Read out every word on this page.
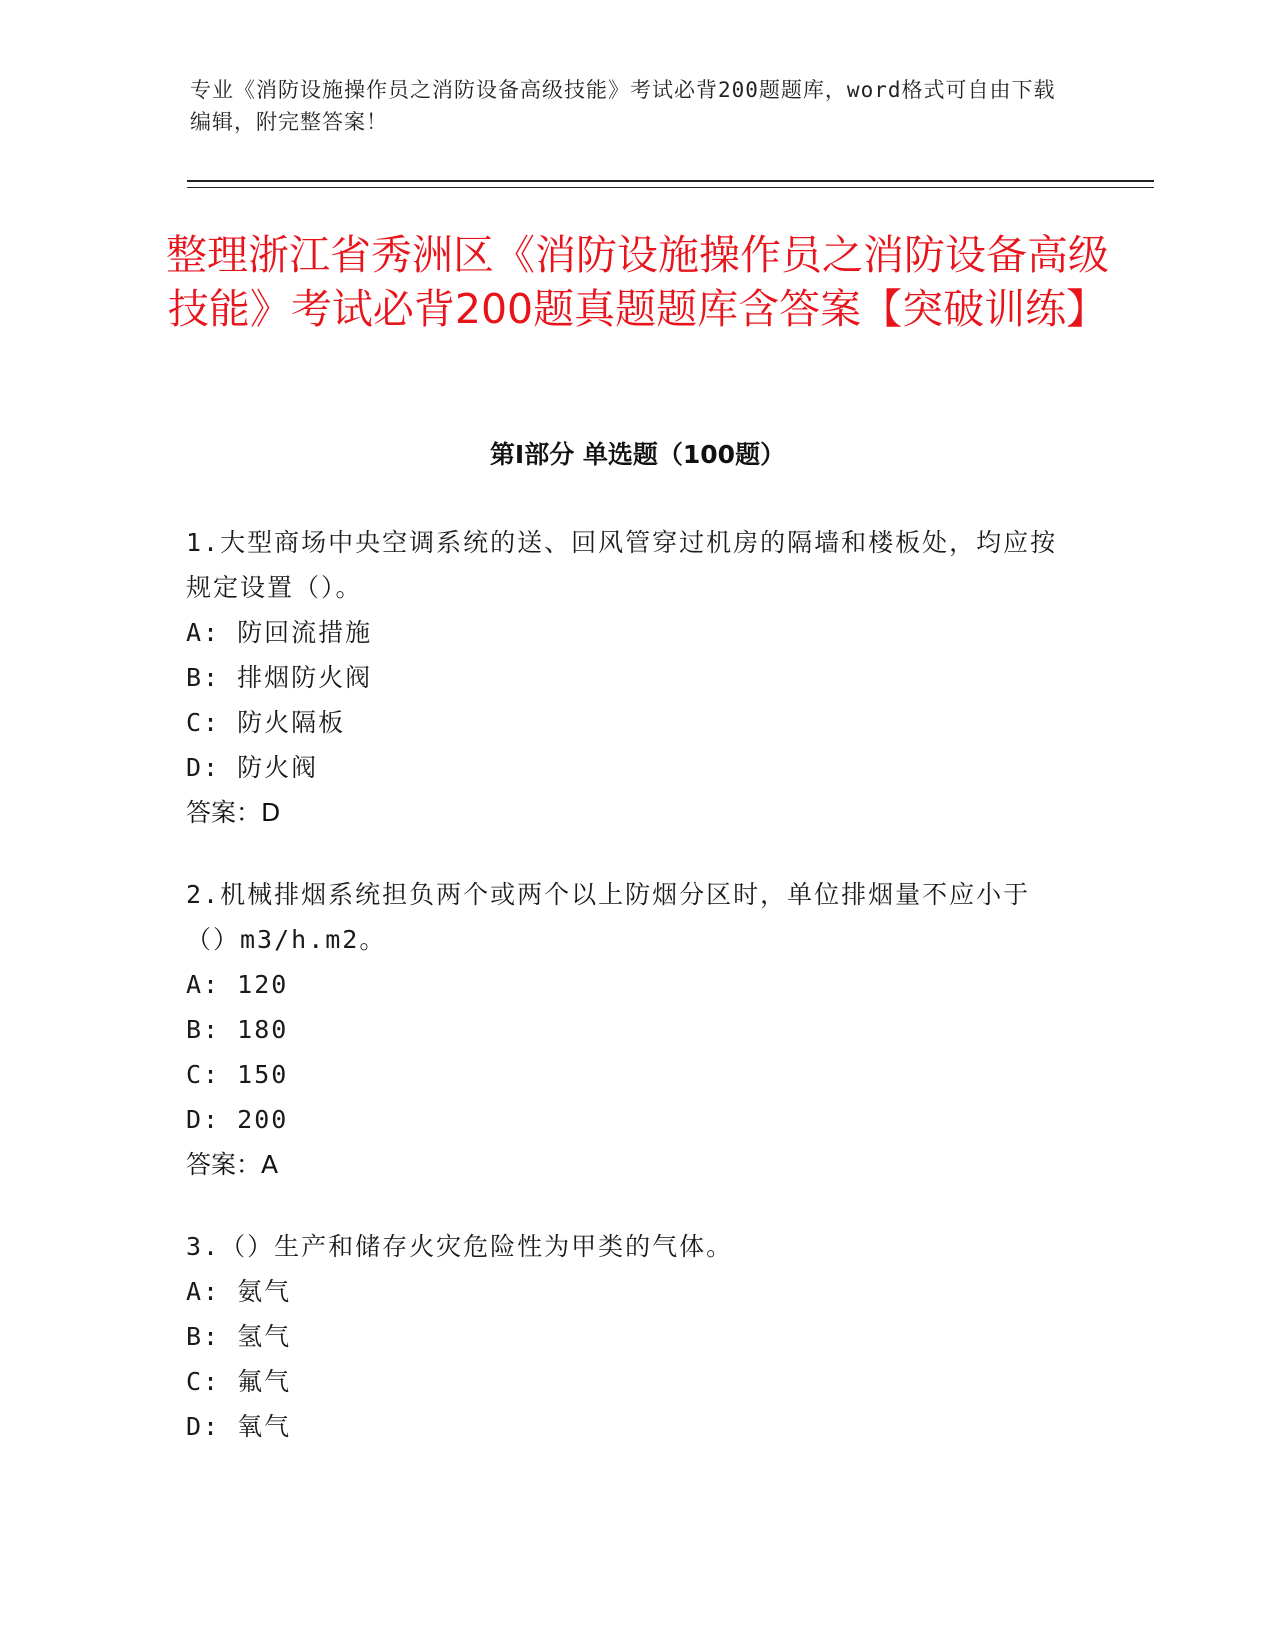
专业《消防设施操作员之消防设备高级技能》考试必背200题题库，word格式可自由下载编辑，附完整答案！
整理浙江省秀洲区《消防设施操作员之消防设备高级技能》考试必背200题真题题库含答案【突破训练】
第I部分 单选题（100题）
1.大型商场中央空调系统的送、回风管穿过机房的隔墙和楼板处，均应按规定设置（）。
A: 防回流措施
B: 排烟防火阀
C: 防火隔板
D: 防火阀
答案：D
2.机械排烟系统担负两个或两个以上防烟分区时，单位排烟量不应小于（）m3/h.m2。
A: 120
B: 180
C: 150
D: 200
答案：A
3.（）生产和储存火灾危险性为甲类的气体。
A: 氨气
B: 氢气
C: 氟气
D: 氧气
